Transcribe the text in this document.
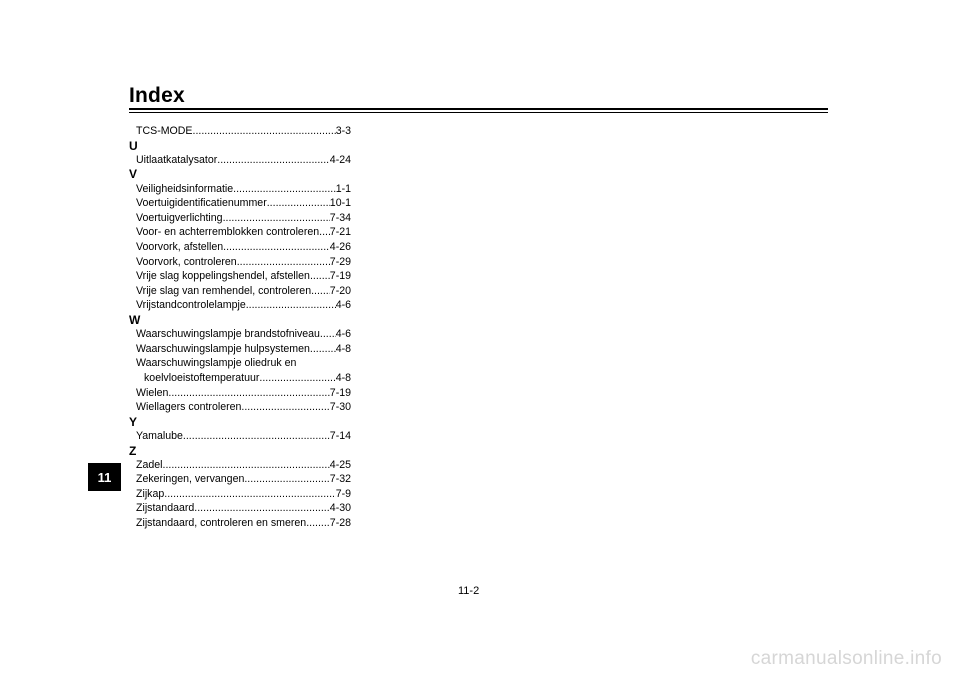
Index
TCS-MODE .....	3-3
U
Uitlaatkatalysator .....	4-24
V
Veiligheidsinformatie .....	1-1
Voertuigidentificatienummer .....	10-1
Voertuigverlichting .....	7-34
Voor- en achterremblokken controleren ..... 7-21
Voorvork, afstellen .....	4-26
Voorvork, controleren .....	7-29
Vrije slag koppelingshendel, afstellen ..... 7-19
Vrije slag van remhendel, controleren ..... 7-20
Vrijstandcontrolelampje .....	4-6
W
Waarschuwingslampje brandstofniveau ..... 4-6
Waarschuwingslampje hulpsystemen ..... 4-8
Waarschuwingslampje oliedruk en
koelvloeistoftemperatuur .....	4-8
Wielen .....	7-19
Wiellagers controleren .....	7-30
Y
Yamalube .....	7-14
Z
Zadel .....	4-25
Zekeringen, vervangen .....	7-32
Zijkap .....	7-9
Zijstandaard .....	4-30
Zijstandaard, controleren en smeren ..... 7-28
11
11-2
carmanualsonline.info
